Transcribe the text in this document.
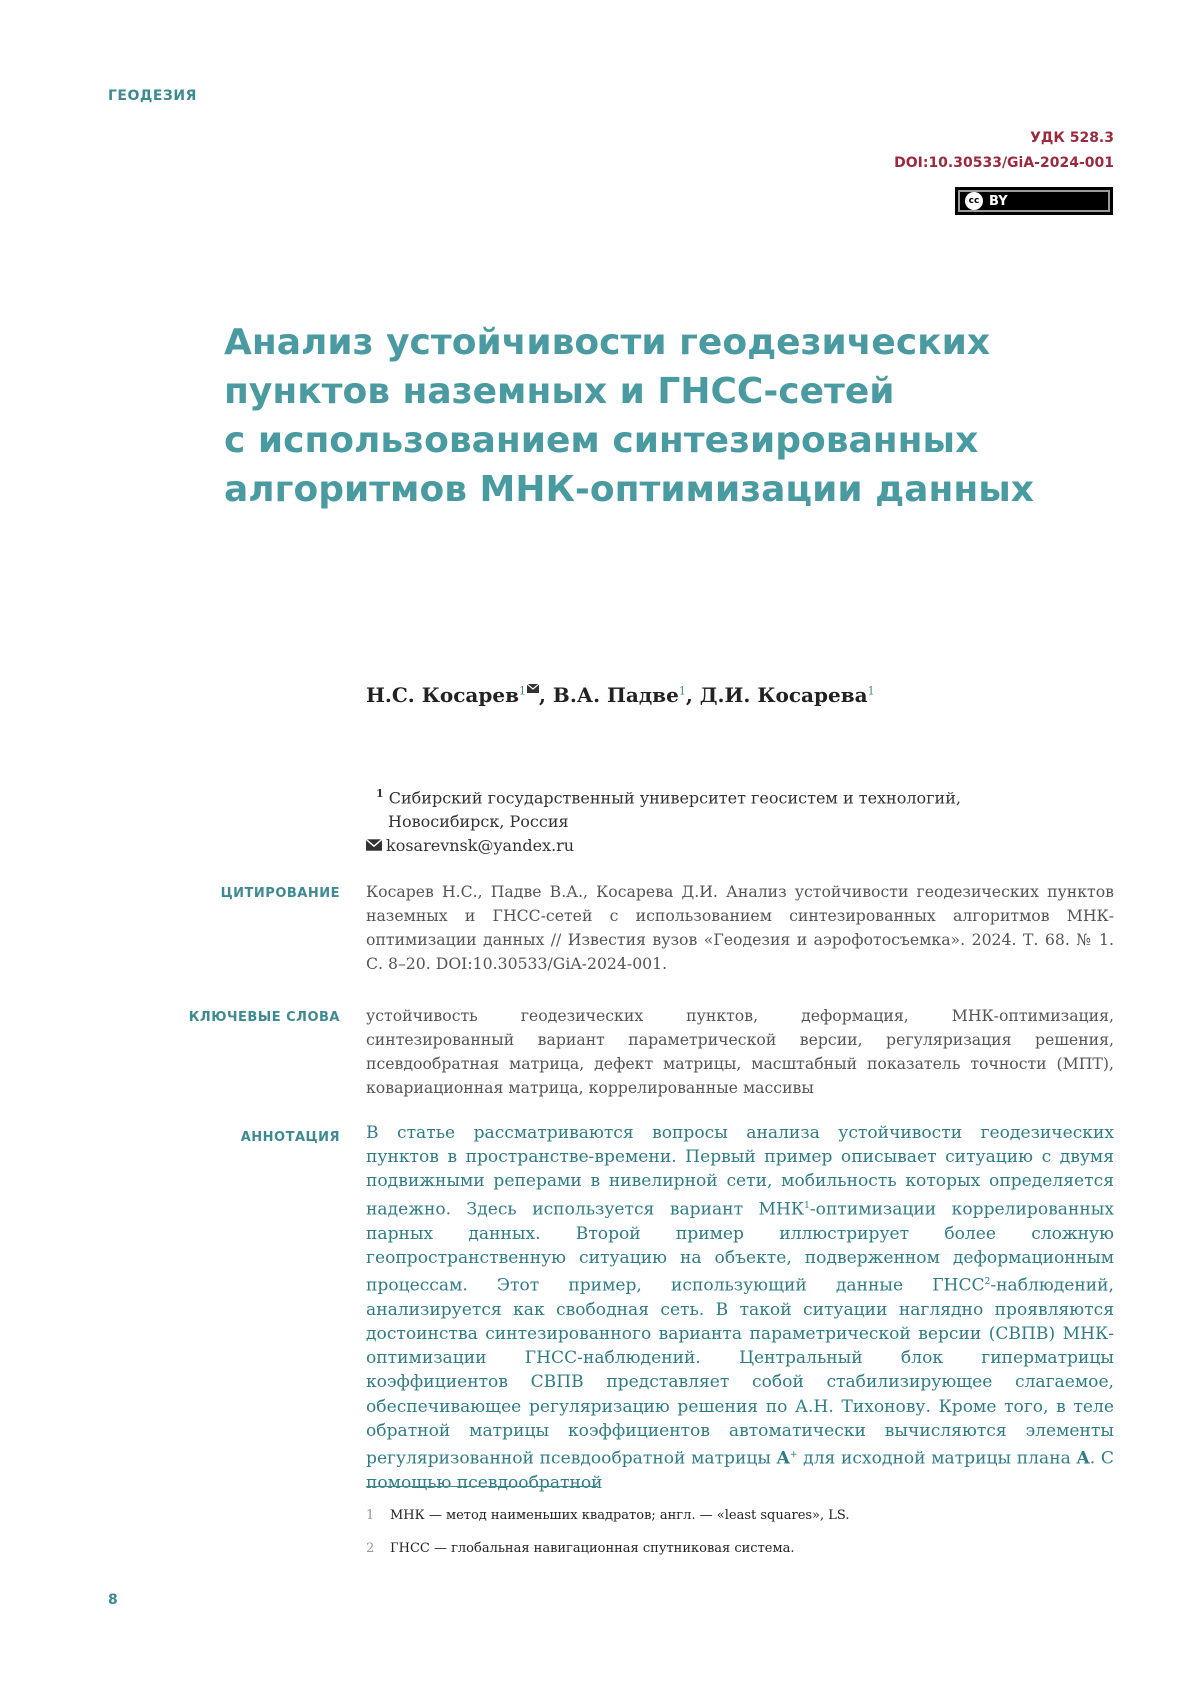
ГЕОДЕЗИЯ
УДК 528.3
DOI:10.30533/GiA-2024-001
cc BY
Анализ устойчивости геодезических
пунктов наземных и ГНСС-сетей
с использованием синтезированных
алгоритмов МНК-оптимизации данных

Н.С. Косарев$^1$ , В.А. Падве$^1$, Д.И. Косарева$^1$

$^1$ Сибирский государственный университет геосистем и технологий,
Новосибирск, Россия
kosarevnsk@yandex.ru
ЦИТИРОВАНИЕ Косарев Н.С., Падве В.А., Косарева Д.И. Анализ устойчивости геодезических пунктов наземных и ГНСС-сетей с использованием синтезированных алгоритмов МНК-оптимизации данных // Известия вузов «Геодезия и аэрофотосъемка». 2024. Т. 68. № 1. С. 8–20. DOI:10.30533/GiA-2024-001.

КЛЮЧЕВЫЕ СЛОВА устойчивость геодезических пунктов, деформация, МНК-оптимизация, синтезированный вариант параметрической версии, регуляризация решения, псевдообратная матрица, дефект матрицы, масштабный показатель точности (МПТ), ковариационная матрица, коррелированные массивы

АННОТАЦИЯ В статье рассматриваются вопросы анализа устойчивости геодезических пунктов в пространстве-времени. Первый пример описывает ситуацию с двумя подвижными реперами в нивелирной сети, мобильность которых определяется надежно. Здесь используется вариант МНК$^1$-оптимизации коррелированных парных данных. Второй пример иллюстрирует более сложную геопространственную ситуацию на объекте, подверженном деформационным процессам. Этот пример, использующий данные ГНСС$^2$-наблюдений, анализируется как свободная сеть. В такой ситуации наглядно проявляются достоинства синтезированного варианта параметрической версии (СВПВ) МНК-оптимизации ГНСС-наблюдений. Центральный блок гиперматрицы коэффициентов СВПВ представляет собой стабилизирующее слагаемое, обеспечивающее регуляризацию решения по А.Н. Тихонову. Кроме того, в теле обратной матрицы коэффициентов автоматически вычисляются элементы регуляризованной псевдообратной матрицы A+ для исходной матрицы плана A. С помощью псевдообратной

1 МНК — метод наименьших квадратов; англ. — «least squares», LS.
2 ГНСС — глобальная навигационная спутниковая система.
8
